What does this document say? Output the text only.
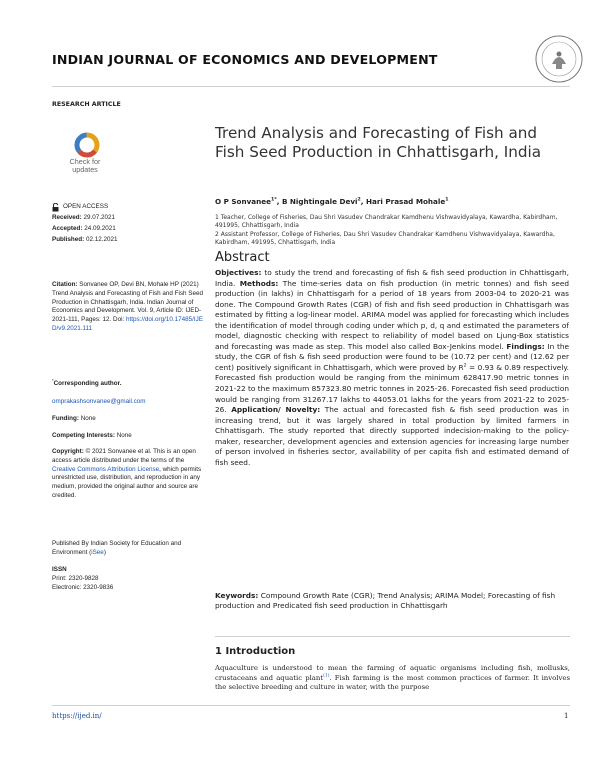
INDIAN JOURNAL OF ECONOMICS AND DEVELOPMENT
RESEARCH ARTICLE
Check for updates
OPEN ACCESS
Received: 29.07.2021
Accepted: 24.09.2021
Published: 02.12.2021
Citation: Sonvanee OP, Devi BN, Mohale HP (2021) Trend Analysis and Forecasting of Fish and Fish Seed Production in Chhattisgarh, India. Indian Journal of Economics and Development. Vol. 9, Article ID: IJED-2021-111, Pages: 12. Doi: https://doi.org/10.17485/IJED/v9.2021.111
*Corresponding author.
omprakashsonvanee@gmail.com
Funding: None
Competing Interests: None
Copyright: © 2021 Sonvanee et al. This is an open access article distributed under the terms of the Creative Commons Attribution License, which permits unrestricted use, distribution, and reproduction in any medium, provided the original author and source are credited.
Published By Indian Society for Education and Environment (iSee)
ISSN
Print: 2320-9828
Electronic: 2320-9836
Trend Analysis and Forecasting of Fish and Fish Seed Production in Chhattisgarh, India
O P Sonvanee$^{1*}$, B Nightingale Devi$^2$, Hari Prasad Mohale$^1$
1 Teacher, College of Fisheries, Dau Shri Vasudev Chandrakar Kamdhenu Vishwavidyalaya, Kawardha, Kabirdham, 491995, Chhattisgarh, India
2 Assistant Professor, College of Fisheries, Dau Shri Vasudev Chandrakar Kamdhenu Vishwavidyalaya, Kawardha, Kabirdham, 491995, Chhattisgarh, India
Abstract

Objectives: to study the trend and forecasting of fish & fish seed production in Chhattisgarh, India. Methods: The time-series data on fish production (in metric tonnes) and fish seed production (in lakhs) in Chhattisgarh for a period of 18 years from 2003-04 to 2020-21 was done. The Compound Growth Rates (CGR) of fish and fish seed production in Chhattisgarh was estimated by fitting a log-linear model. ARIMA model was applied for forecasting which includes the identification of model through coding under which p, d, q and estimated the parameters of model, diagnostic checking with respect to reliability of model based on Ljung-Box statistics and forecasting was made as step. This model also called Box-Jenkins model. Findings: In the study, the CGR of fish & fish seed production were found to be (10.72 per cent) and (12.62 per cent) positively significant in Chhattisgarh, which were proved by $R^2 = 0.93$ & 0.89 respectively. Forecasted fish production would be ranging from the minimum 628417.90 metric tonnes in 2021-22 to the maximum 857323.80 metric tonnes in 2025-26. Forecasted fish seed production would be ranging from 31267.17 lakhs to 44053.01 lakhs for the years from 2021-22 to 2025-26. Application/ Novelty: The actual and forecasted fish & fish seed production was in increasing trend, but it was largely shared in total production by limited farmers in Chhattisgarh. The study reported that directly supported indecision-making to the policy-maker, researcher, development agencies and extension agencies for increasing large number of person involved in fisheries sector, availability of per capita fish and estimated demand of fish seed.

Keywords: Compound Growth Rate (CGR); Trend Analysis; ARIMA Model; Forecasting of fish production and Predicated fish seed production in Chhattisgarh
1 Introduction
Aquaculture is understood to mean the farming of aquatic organisms including fish, mollusks, crustaceans and aquatic plant$^{(1)}$. Fish farming is the most common practices of farmer. It involves the selective breeding and culture in water, with the purpose
https://ijed.in/	1
